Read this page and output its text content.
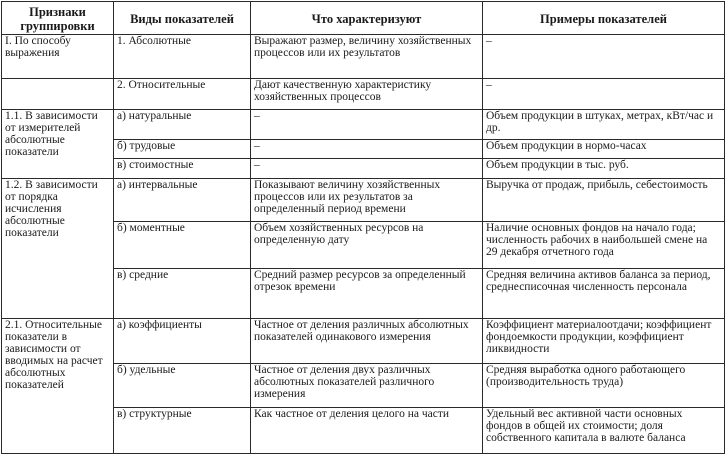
Признаки группировки	Виды показателей	Что характеризуют	Примеры показателей
I. По способу выражения	1. Абсолютные	Выражают размер, величину хозяйственных процессов или их результатов	–
	2. Относительные	Дают качественную характеристику хозяйственных процессов	–
1.1. В зависимости от измерителей абсолютные показатели	а) натуральные	–	Объем продукции в штуках, метрах, кВт/час и др.
	б) трудовые	–	Объем продукции в нормо-часах
	в) стоимостные	–	Объем продукции в тыс. руб.
1.2. В зависимости от порядка исчисления абсолютные показатели	а) интервальные	Показывают величину хозяйственных процессов или их результатов за определенный период времени	Выручка от продаж, прибыль, себестоимость
	б) моментные	Объем хозяйственных ресурсов на определенную дату	Наличие основных фондов на начало года; численность рабочих в наибольшей смене на 29 декабря отчетного года
	в) средние	Средний размер ресурсов за определенный отрезок времени	Средняя величина активов баланса за период, среднесписочная численность персонала
2.1. Относительные показатели в зависимости от вводимых на расчет абсолютных показателей	а) коэффициенты	Частное от деления различных абсолютных показателей одинакового измерения	Коэффициент материалоотдачи; коэффициент фондоемкости продукции, коэффициент ликвидности
	б) удельные	Частное от деления двух различных абсолютных показателей различного измерения	Средняя выработка одного работающего (производительность труда)
	в) структурные	Как частное от деления целого на части	Удельный вес активной части основных фондов в общей их стоимости; доля собственного капитала в валюте баланса
